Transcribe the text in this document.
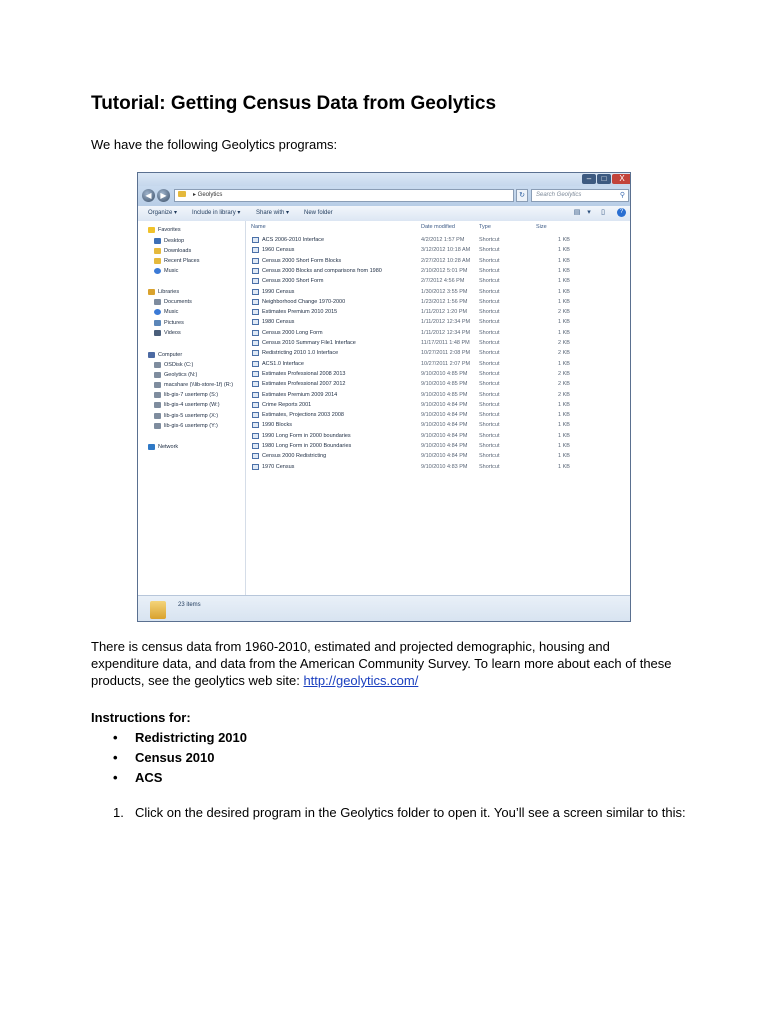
Tutorial: Getting Census Data from Geolytics
We have the following Geolytics programs:
–	□	X
◀	▶	▸ Geolytics	↻	Search Geolytics	⚲
Organize ▾ Include in library ▾	Share with ▾ New folder	▤ ▾	▯	?
Favorites
Desktop
Downloads
Recent Places
Music
Libraries
Documents
Music
Pictures
Videos
Computer
OSDisk (C:)
Geolytics (N:)
macshare (\\lib-store-1f) (R:)
lib-gis-7 usertemp (S:)
lib-gis-4 usertemp (W:)
lib-gis-5 usertemp (X:)
lib-gis-6 usertemp (Y:)
Network
Name	Date modified	Type	Size
ACS 2006-2010 Interface	4/2/2012 1:57 PM	Shortcut	1 KB
1960 Census	3/12/2012 10:18 AM Shortcut	1 KB
Census 2000 Short Form Blocks	2/27/2012 10:28 AM Shortcut	1 KB
Census 2000 Blocks and comparisons from 1980	2/10/2012 5:01 PM Shortcut	1 KB
Census 2000 Short Form	2/7/2012 4:56 PM	Shortcut	1 KB
1990 Census	1/30/2012 3:55 PM Shortcut	1 KB
Neighborhood Change 1970-2000	1/23/2012 1:56 PM Shortcut	1 KB
Estimates Premium 2010 2015	1/11/2012 1:20 PM Shortcut	2 KB
1980 Census	1/11/2012 12:34 PM Shortcut	1 KB
Census 2000 Long Form	1/11/2012 12:34 PM Shortcut	1 KB
Census 2010 Summary File1 Interface	11/17/2011 1:48 PM Shortcut	2 KB
Redistricting 2010 1.0 Interface	10/27/2011 2:08 PM Shortcut	2 KB
ACS1.0 Interface	10/27/2011 2:07 PM Shortcut	1 KB
Estimates Professional 2008 2013	9/10/2010 4:85 PM Shortcut	2 KB
Estimates Professional 2007 2012	9/10/2010 4:85 PM Shortcut	2 KB
Estimates Premium 2009 2014	9/10/2010 4:85 PM Shortcut	2 KB
Crime Reports 2001	9/10/2010 4:84 PM Shortcut	1 KB
Estimates, Projections 2003 2008	9/10/2010 4:84 PM Shortcut	1 KB
1990 Blocks	9/10/2010 4:84 PM Shortcut	1 KB
1990 Long Form in 2000 boundaries	9/10/2010 4:84 PM Shortcut	1 KB
1980 Long Form in 2000 Boundaries	9/10/2010 4:84 PM Shortcut	1 KB
Census 2000 Redistricting	9/10/2010 4:84 PM Shortcut	1 KB
1970 Census	9/10/2010 4:83 PM Shortcut	1 KB
23 items
There is census data from 1960-2010, estimated and projected demographic, housing and expenditure data, and data from the American Community Survey. To learn more about each of these products, see the geolytics web site: http://geolytics.com/
Instructions for:
• Redistricting 2010
• Census 2010
• ACS
1. Click on the desired program in the Geolytics folder to open it. You’ll see a screen similar to this:
